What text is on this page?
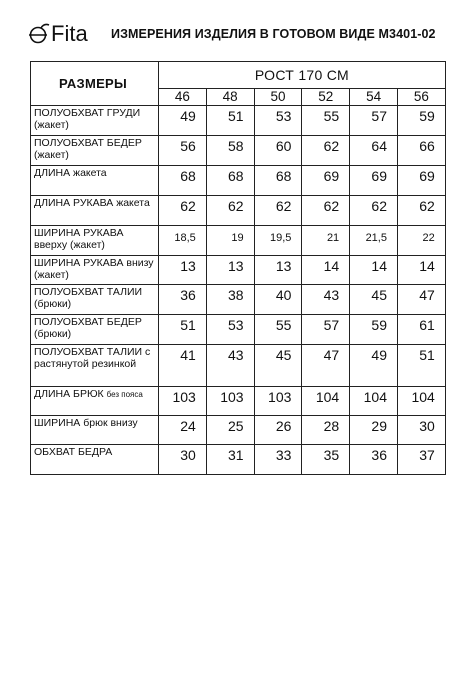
Fita ИЗМЕРЕНИЯ ИЗДЕЛИЯ В ГОТОВОМ ВИДЕ М3401-02
РАЗМЕРЫ	РОСТ 170 СМ					
	46	48	50	52	54	56
ПОЛУОБХВАТ ГРУДИ (жакет)	49	51	53	55	57	59
ПОЛУОБХВАТ БЕДЕР (жакет)	56	58	60	62	64	66
ДЛИНА жакета	68	68	68	69	69	69
ДЛИНА РУКАВА жакета	62	62	62	62	62	62
ШИРИНА РУКАВА вверху (жакет)	18,5	19	19,5	21	21,5	22
ШИРИНА РУКАВА внизу (жакет)	13	13	13	14	14	14
ПОЛУОБХВАТ ТАЛИИ (брюки)	36	38	40	43	45	47
ПОЛУОБХВАТ БЕДЕР (брюки)	51	53	55	57	59	61
ПОЛУОБХВАТ ТАЛИИ с растянутой резинкой	41	43	45	47	49	51
ДЛИНА БРЮК без пояса	103	103	103	104	104	104
ШИРИНА брюк внизу	24	25	26	28	29	30
ОБХВАТ БЕДРА	30	31	33	35	36	37
